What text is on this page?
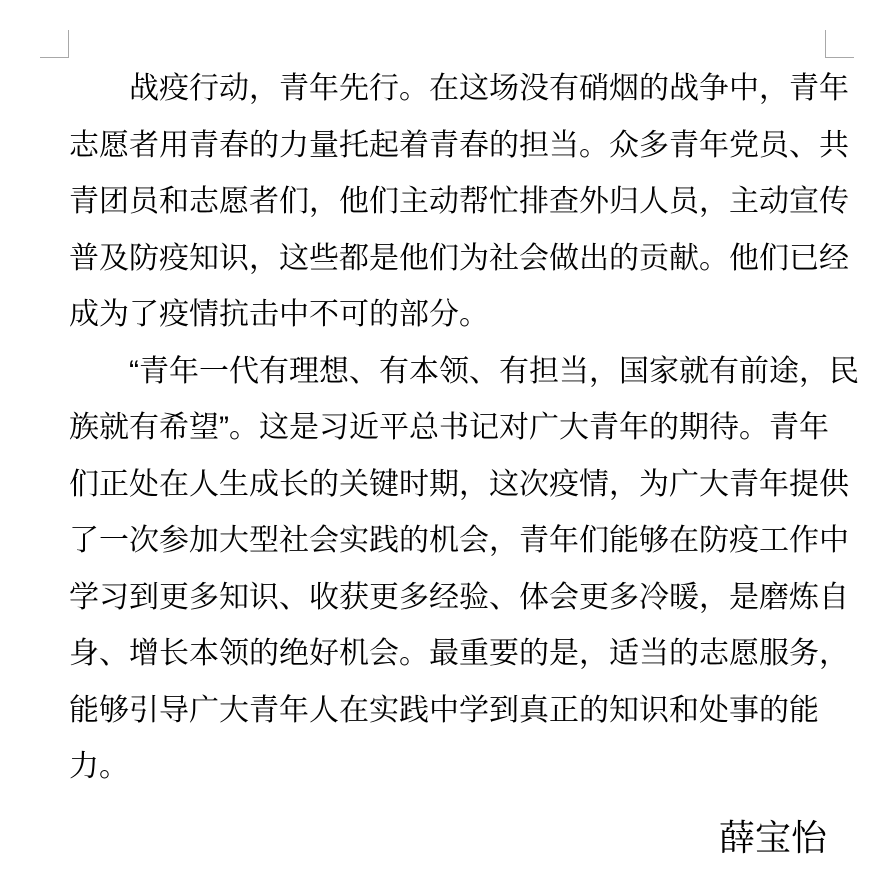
战疫行动，青年先行。在这场没有硝烟的战争中，青年
志愿者用青春的力量托起着青春的担当。众多青年党员、共
青团员和志愿者们，他们主动帮忙排查外归人员，主动宣传
普及防疫知识，这些都是他们为社会做出的贡献。他们已经
成为了疫情抗击中不可的部分。

“青年一代有理想、有本领、有担当，国家就有前途，民
族就有希望”。这是习近平总书记对广大青年的期待。青年
们正处在人生成长的关键时期，这次疫情，为广大青年提供
了一次参加大型社会实践的机会，青年们能够在防疫工作中
学习到更多知识、收获更多经验、体会更多冷暖，是磨炼自
身、增长本领的绝好机会。最重要的是，适当的志愿服务，
能够引导广大青年人在实践中学到真正的知识和处事的能
力。

薛宝怡
